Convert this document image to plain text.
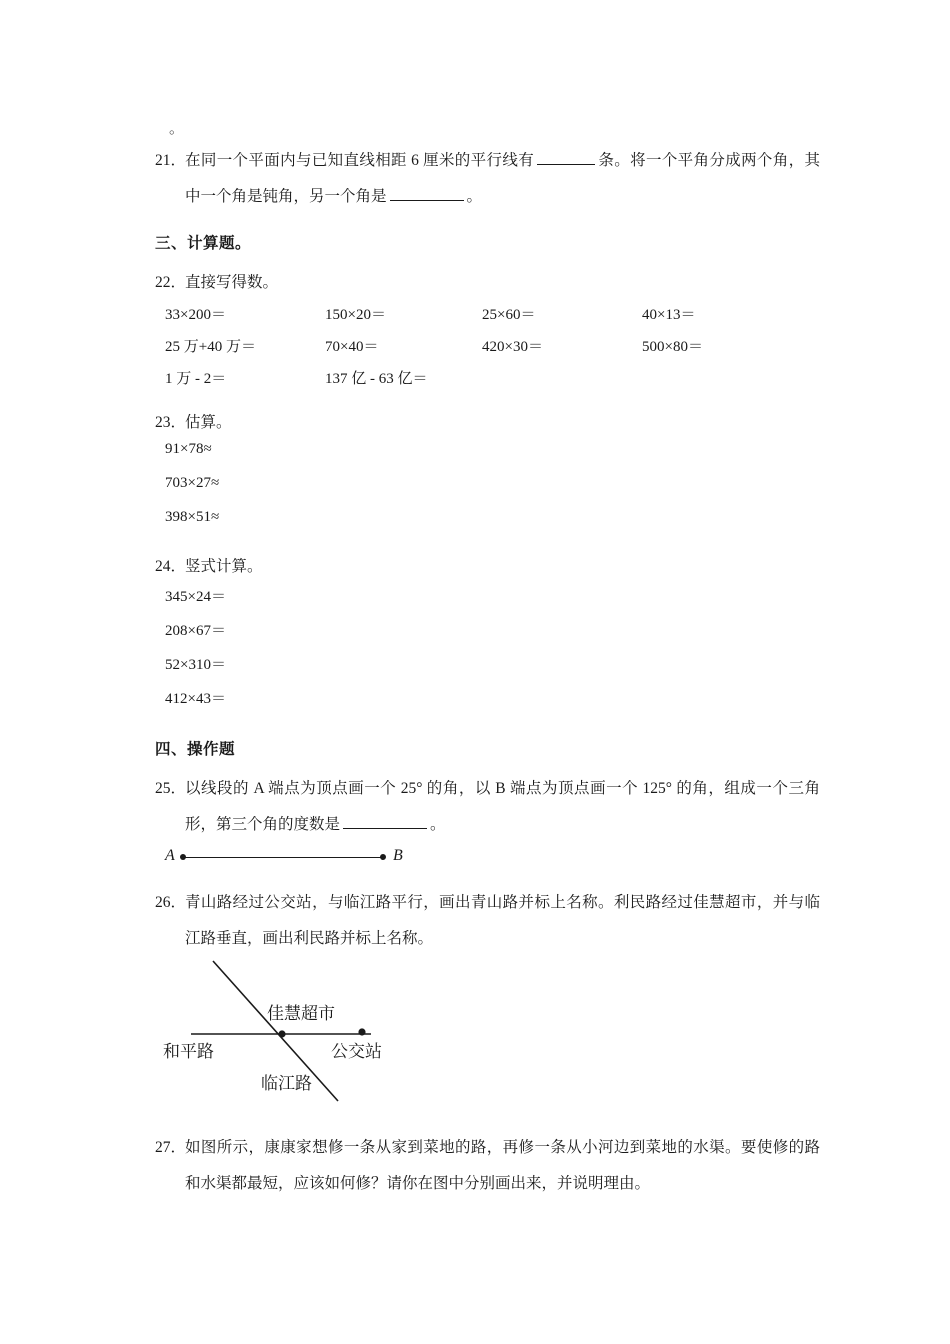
。
21．
在同一个平面内与已知直线相距 6 厘米的平行线有	条。将一个平角分成两个角，其中一个角是钝角，另一个角是	。
三、计算题。
22．
直接写得数。
33×200＝	150×20＝	25×60＝	40×13＝
25 万+40 万＝	70×40＝	420×30＝	500×80＝
1 万 - 2＝	137 亿 - 63 亿＝
23．
估算。
91×78≈
703×27≈
398×51≈
24．
竖式计算。
345×24＝
208×67＝
52×310＝
412×43＝
四、操作题
25．
以线段的 A 端点为顶点画一个 25° 的角，以 B 端点为顶点画一个 125° 的角，组成一个三角形，第三个角的度数是	。
A	B
26．
青山路经过公交站，与临江路平行，画出青山路并标上名称。利民路经过佳慧超市，并与临江路垂直，画出利民路并标上名称。
和平路
佳慧超市
公交站
临江路
27．
如图所示，康康家想修一条从家到菜地的路，再修一条从小河边到菜地的水渠。要使修的路和水渠都最短，应该如何修？请你在图中分别画出来，并说明理由。
